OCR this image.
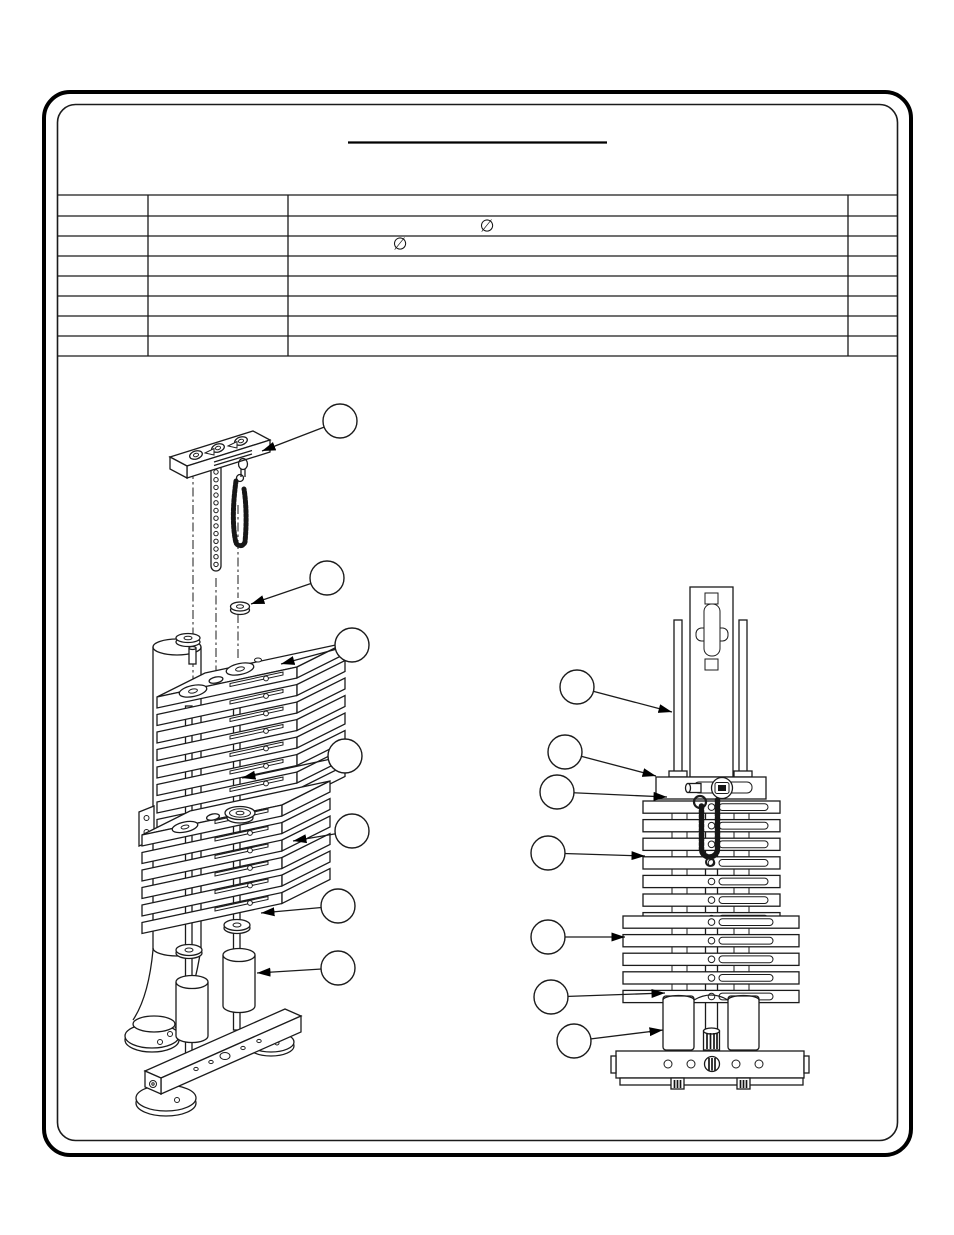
∅
∅
